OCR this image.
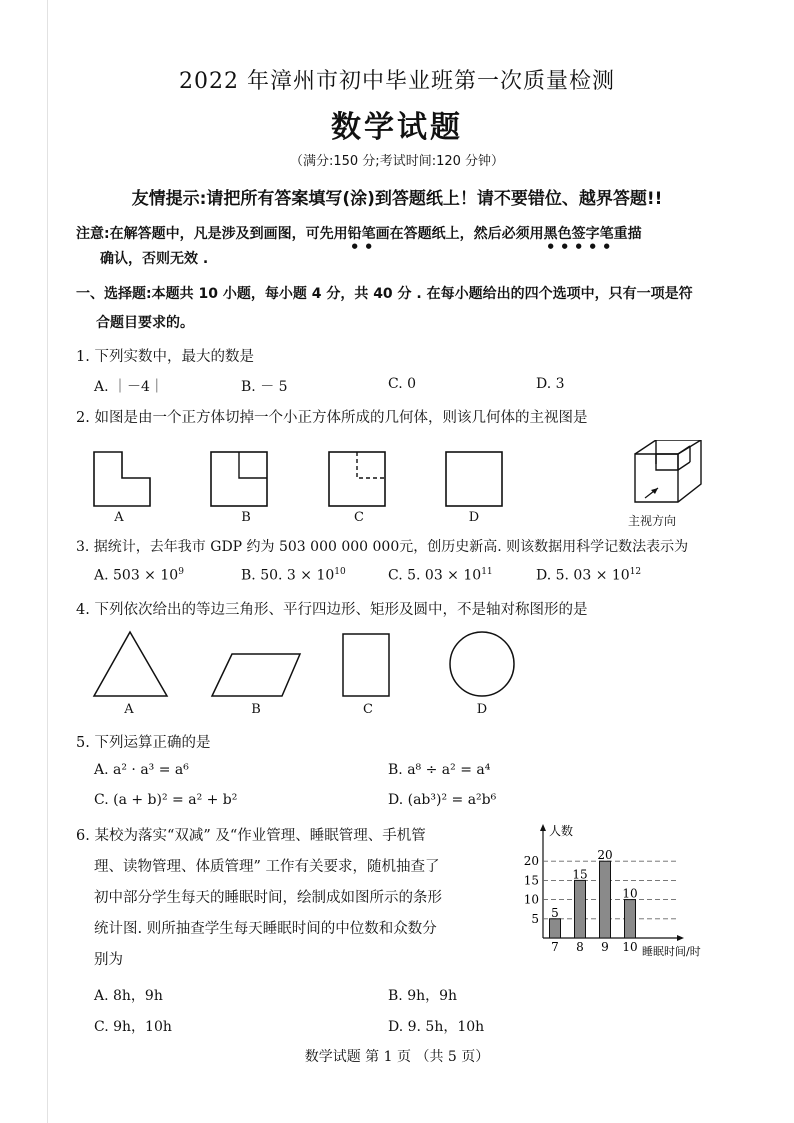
2022 年漳州市初中毕业班第一次质量检测
数学试题
（满分:150 分;考试时间:120 分钟）
友情提示:请把所有答案填写(涂)到答题纸上！请不要错位、越界答题!!
注意:在解答题中，凡是涉及到画图，可先用铅笔画在答题纸上，然后必须用黑色签字笔重描
确认，否则无效 .
一、选择题:本题共 10 小题，每小题 4 分，共 40 分 . 在每小题给出的四个选项中，只有一项是符
合题目要求的。
1. 下列实数中，最大的数是
A. ｜－4｜	B. － 5	C. 0	D. 3
2. 如图是由一个正方体切掉一个小正方体所成的几何体，则该几何体的主视图是
A	B	C	D	主视方向
3. 据统计，去年我市 GDP 约为 503 000 000 000元，创历史新高. 则该数据用科学记数法表示为
A. $503 \times 10^9$	B. 50. $3 \times 10^{10}$	C. 5. $03 \times 10^{11}$	D. 5. $03 \times 10^{12}$
4. 下列依次给出的等边三角形、平行四边形、矩形及圆中，不是轴对称图形的是
A	B	C	D
5. 下列运算正确的是
A. a² · a³ = a⁶	B. a⁸ ÷ a² = a⁴
C. (a + b)² = a² + b²	D. (ab³)² = a²b⁶
6. 某校为落实“双减” 及“作业管理、睡眠管理、手机管
理、读物管理、体质管理” 工作有关要求，随机抽查了
初中部分学生每天的睡眠时间，绘制成如图所示的条形
统计图. 则所抽查学生每天睡眠时间的中位数和众数分
别为
A. 8h，9h	B. 9h，9h
C. 9h，10h	D. 9. 5h，10h
人数
睡眠时间/时
5
10
15
20
5
7
15
8
20
9
10
10
数学试题 第 1 页 （共 5 页）
